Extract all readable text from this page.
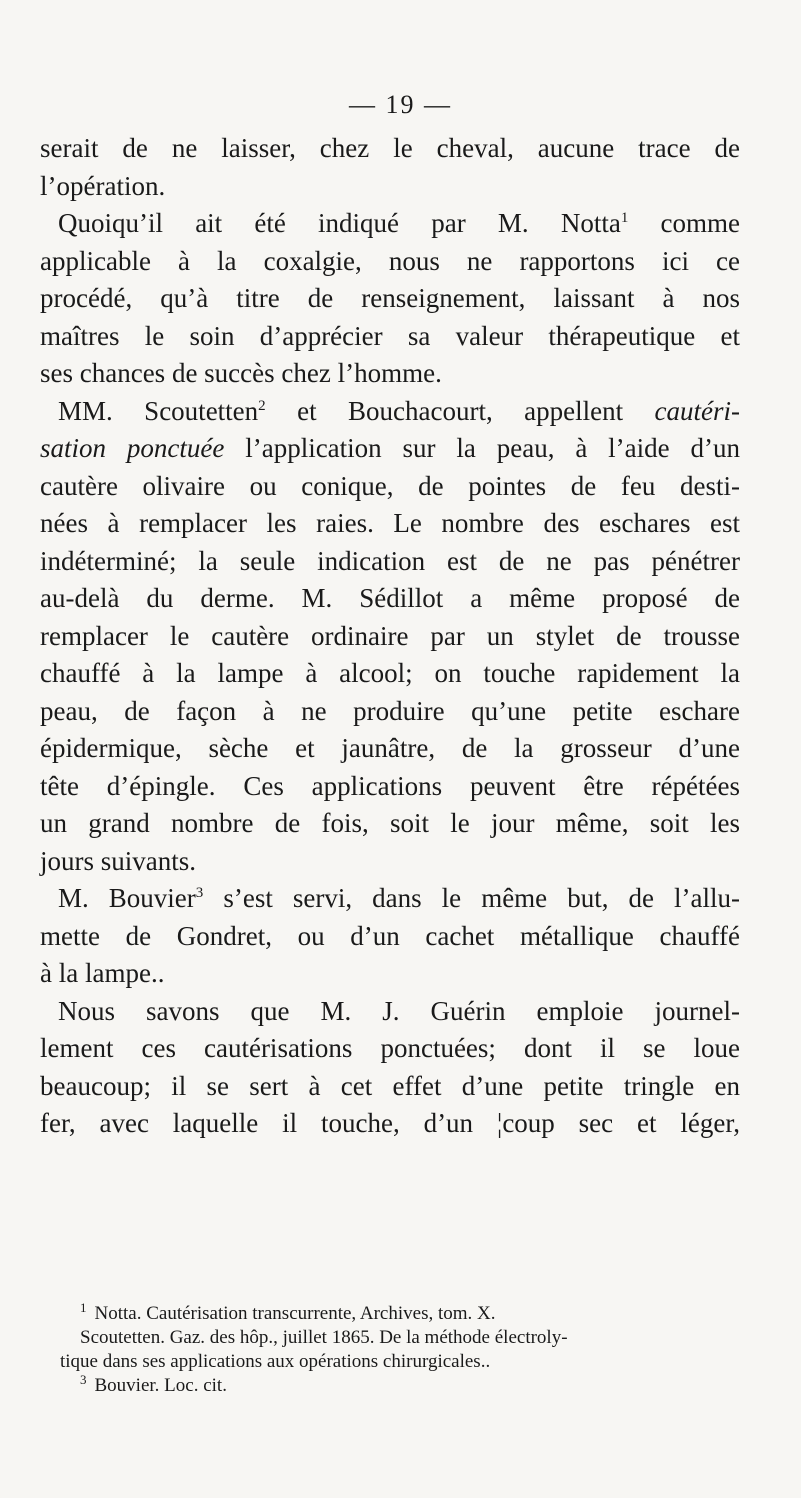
— 19 —
serait de ne laisser, chez le cheval, aucune trace de
l’opération.
Quoiqu’il ait été indiqué par M. Notta$^1$ comme
applicable à la coxalgie, nous ne rapportons ici ce
procédé, qu’à titre de renseignement, laissant à nos
maîtres le soin d’apprécier sa valeur thérapeutique et
ses chances de succès chez l’homme.
MM. Scoutetten$^2$ et Bouchacourt, appellent cautéri-
sation ponctuée l’application sur la peau, à l’aide d’un
cautère olivaire ou conique, de pointes de feu desti-
nées à remplacer les raies. Le nombre des eschares est
indéterminé; la seule indication est de ne pas pénétrer
au-delà du derme. M. Sédillot a même proposé de
remplacer le cautère ordinaire par un stylet de trousse
chauffé à la lampe à alcool; on touche rapidement la
peau, de façon à ne produire qu’une petite eschare
épidermique, sèche et jaunâtre, de la grosseur d’une
tête d’épingle. Ces applications peuvent être répétées
un grand nombre de fois, soit le jour même, soit les
jours suivants.
M. Bouvier$^3$ s’est servi, dans le même but, de l’allu-
mette de Gondret, ou d’un cachet métallique chauffé
à la lampe..
Nous savons que M. J. Guérin emploie journel-
lement ces cautérisations ponctuées; dont il se loue
beaucoup; il se sert à cet effet d’une petite tringle en
fer, avec laquelle il touche, d’un ¦coup sec et léger,
$^1$ Notta. Cautérisation transcurrente, Archives, tom. X.
Scoutetten. Gaz. des hôp., juillet 1865. De la méthode électroly-
tique dans ses applications aux opérations chirurgicales..
$^3$ Bouvier. Loc. cit.
